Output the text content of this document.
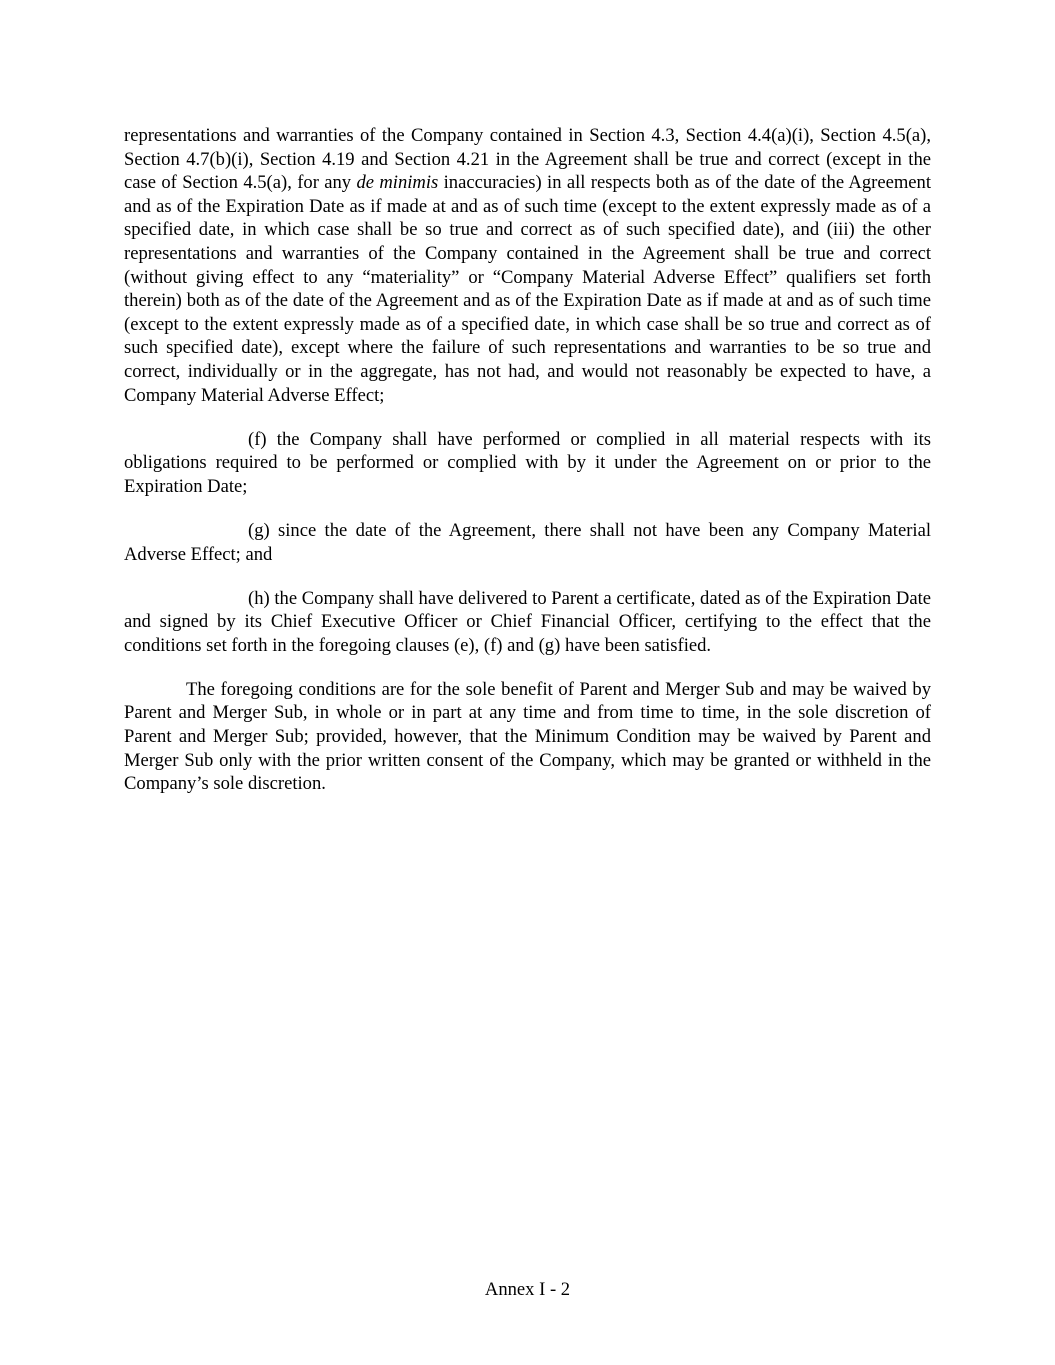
representations and warranties of the Company contained in Section 4.3, Section 4.4(a)(i), Section 4.5(a), Section 4.7(b)(i), Section 4.19 and Section 4.21 in the Agreement shall be true and correct (except in the case of Section 4.5(a), for any de minimis inaccuracies) in all respects both as of the date of the Agreement and as of the Expiration Date as if made at and as of such time (except to the extent expressly made as of a specified date, in which case shall be so true and correct as of such specified date), and (iii) the other representations and warranties of the Company contained in the Agreement shall be true and correct (without giving effect to any “materiality” or “Company Material Adverse Effect” qualifiers set forth therein) both as of the date of the Agreement and as of the Expiration Date as if made at and as of such time (except to the extent expressly made as of a specified date, in which case shall be so true and correct as of such specified date), except where the failure of such representations and warranties to be so true and correct, individually or in the aggregate, has not had, and would not reasonably be expected to have, a Company Material Adverse Effect;

(f) the Company shall have performed or complied in all material respects with its obligations required to be performed or complied with by it under the Agreement on or prior to the Expiration Date;

(g) since the date of the Agreement, there shall not have been any Company Material Adverse Effect; and

(h) the Company shall have delivered to Parent a certificate, dated as of the Expiration Date and signed by its Chief Executive Officer or Chief Financial Officer, certifying to the effect that the conditions set forth in the foregoing clauses (e), (f) and (g) have been satisfied.

The foregoing conditions are for the sole benefit of Parent and Merger Sub and may be waived by Parent and Merger Sub, in whole or in part at any time and from time to time, in the sole discretion of Parent and Merger Sub; provided, however, that the Minimum Condition may be waived by Parent and Merger Sub only with the prior written consent of the Company, which may be granted or withheld in the Company’s sole discretion.

Annex I - 2
